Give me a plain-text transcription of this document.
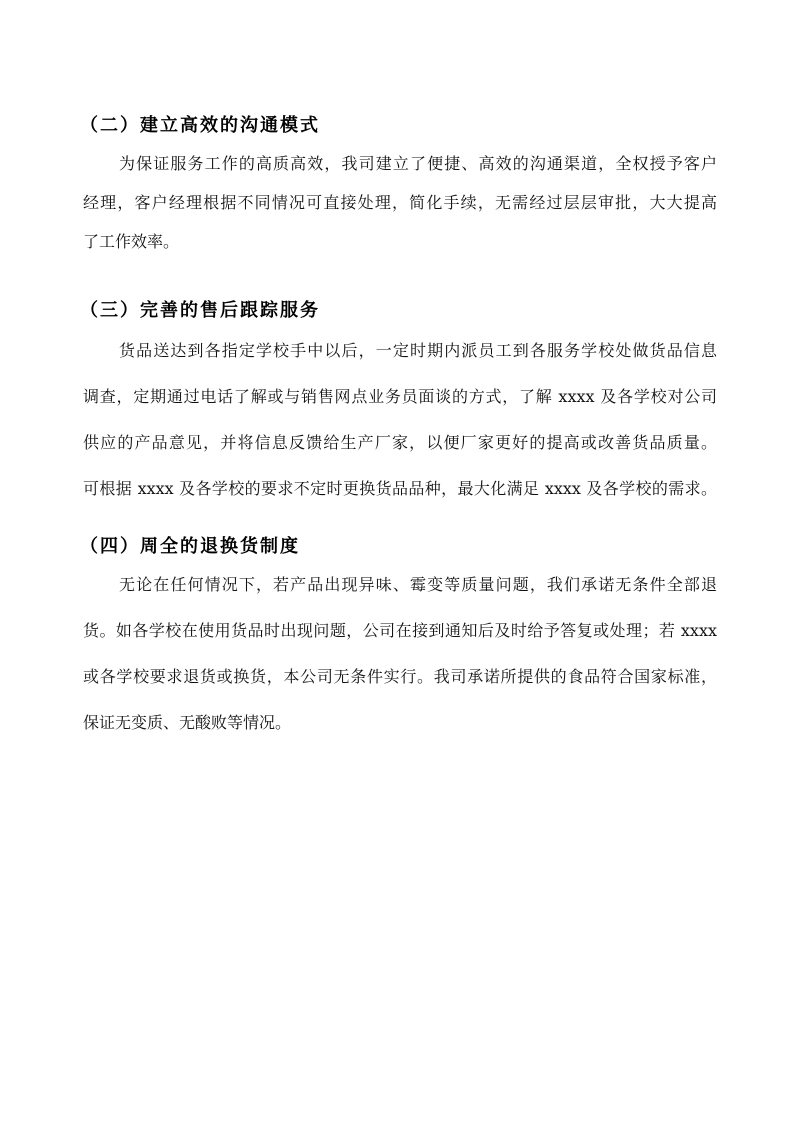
（二）建立高效的沟通模式
为保证服务工作的高质高效，我司建立了便捷、高效的沟通渠道，全权授予客户
经理，客户经理根据不同情况可直接处理，简化手续，无需经过层层审批，大大提高
了工作效率。
（三）完善的售后跟踪服务
货品送达到各指定学校手中以后，一定时期内派员工到各服务学校处做货品信息
调查，定期通过电话了解或与销售网点业务员面谈的方式，了解 xxxx 及各学校对公司
供应的产品意见，并将信息反馈给生产厂家，以便厂家更好的提高或改善货品质量。
可根据 xxxx 及各学校的要求不定时更换货品品种，最大化满足 xxxx 及各学校的需求。
（四）周全的退换货制度
无论在任何情况下，若产品出现异味、霉变等质量问题，我们承诺无条件全部退
货。如各学校在使用货品时出现问题，公司在接到通知后及时给予答复或处理；若 xxxx
或各学校要求退货或换货，本公司无条件实行。我司承诺所提供的食品符合国家标准，
保证无变质、无酸败等情况。
